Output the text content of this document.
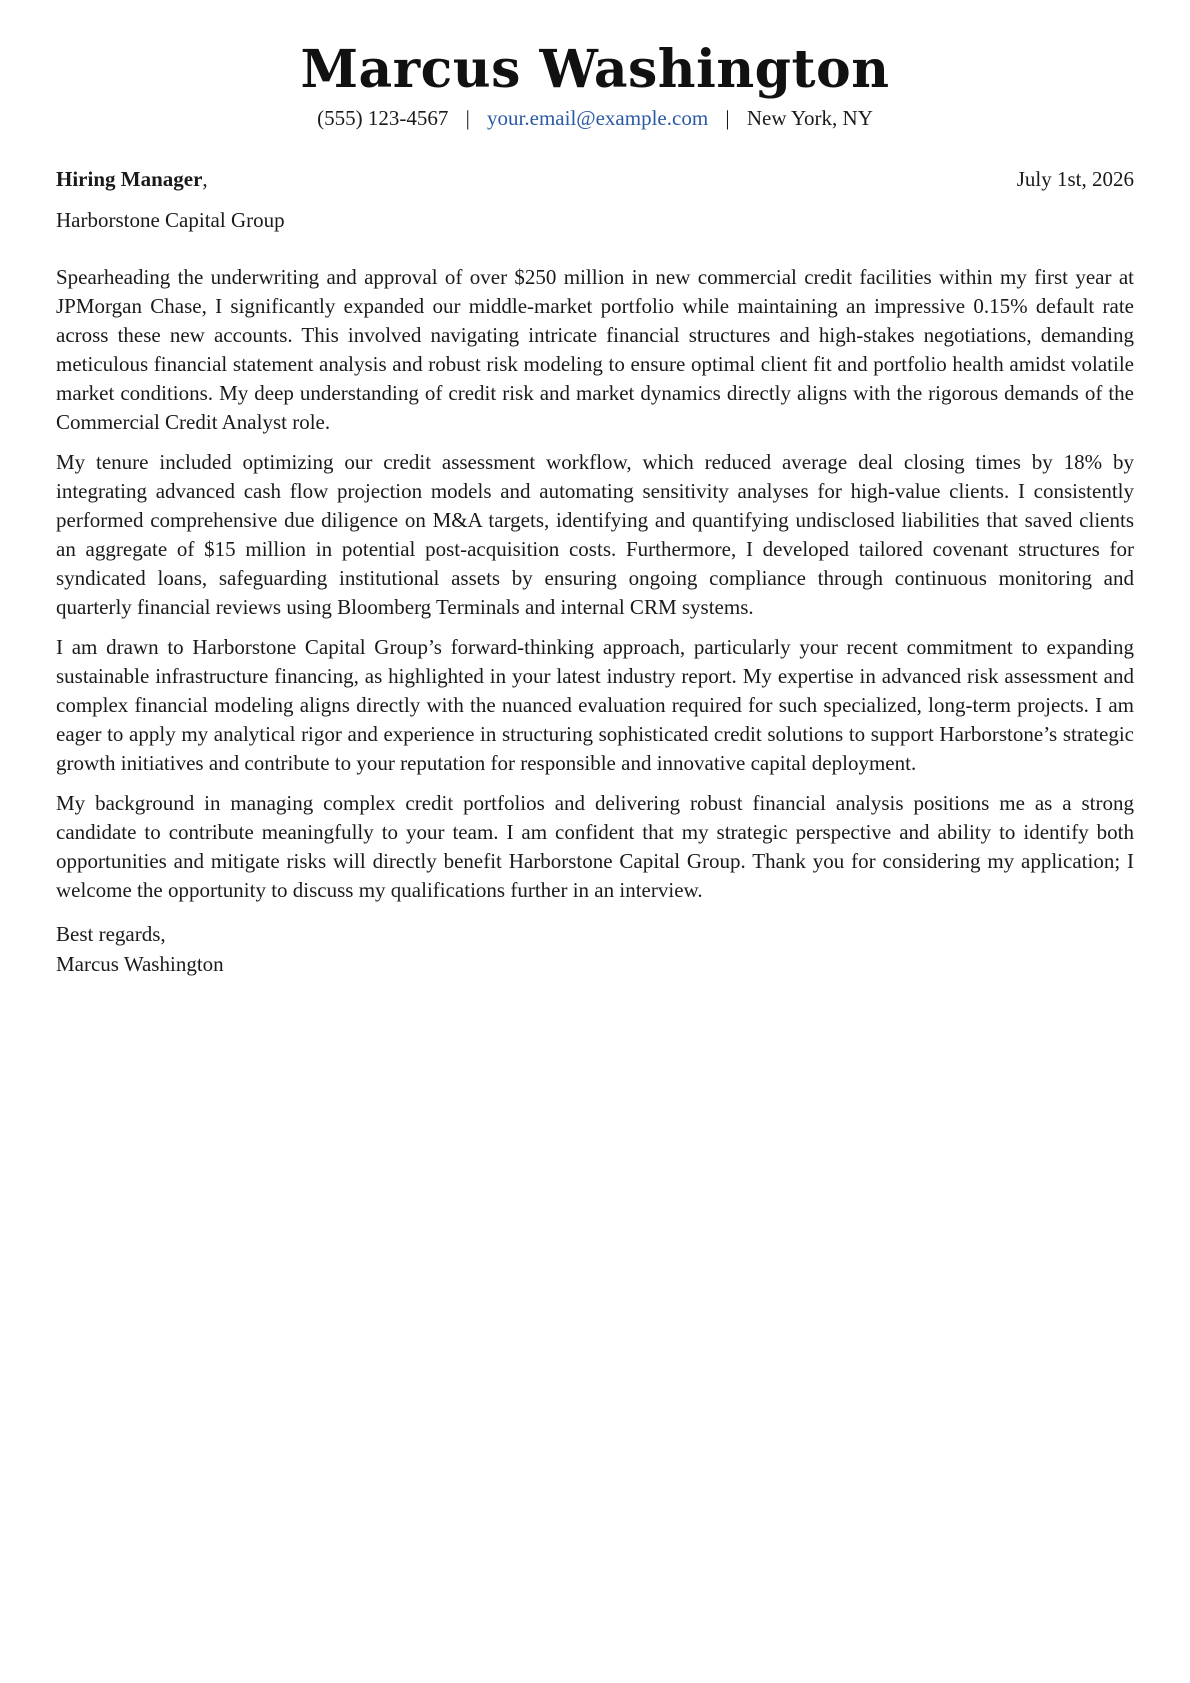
Marcus Washington
(555) 123-4567 | your.email@example.com | New York, NY
Hiring Manager,	July 1st, 2026
Harborstone Capital Group

Spearheading the underwriting and approval of over $250 million in new commercial credit facilities within my first year at JPMorgan Chase, I significantly expanded our middle-market portfolio while maintaining an impressive 0.15% default rate across these new accounts. This involved navigating intricate financial structures and high-stakes negotiations, demanding meticulous financial statement analysis and robust risk modeling to ensure optimal client fit and portfolio health amidst volatile market conditions. My deep understanding of credit risk and market dynamics directly aligns with the rigorous demands of the Commercial Credit Analyst role.

My tenure included optimizing our credit assessment workflow, which reduced average deal closing times by 18% by integrating advanced cash flow projection models and automating sensitivity analyses for high-value clients. I consistently performed comprehensive due diligence on M&A targets, identifying and quantifying undisclosed liabilities that saved clients an aggregate of $15 million in potential post-acquisition costs. Furthermore, I developed tailored covenant structures for syndicated loans, safeguarding institutional assets by ensuring ongoing compliance through continuous monitoring and quarterly financial reviews using Bloomberg Terminals and internal CRM systems.

I am drawn to Harborstone Capital Group’s forward-thinking approach, particularly your recent commitment to expanding sustainable infrastructure financing, as highlighted in your latest industry report. My expertise in advanced risk assessment and complex financial modeling aligns directly with the nuanced evaluation required for such specialized, long-term projects. I am eager to apply my analytical rigor and experience in structuring sophisticated credit solutions to support Harborstone’s strategic growth initiatives and contribute to your reputation for responsible and innovative capital deployment.

My background in managing complex credit portfolios and delivering robust financial analysis positions me as a strong candidate to contribute meaningfully to your team. I am confident that my strategic perspective and ability to identify both opportunities and mitigate risks will directly benefit Harborstone Capital Group. Thank you for considering my application; I welcome the opportunity to discuss my qualifications further in an interview.

Best regards,
Marcus Washington
